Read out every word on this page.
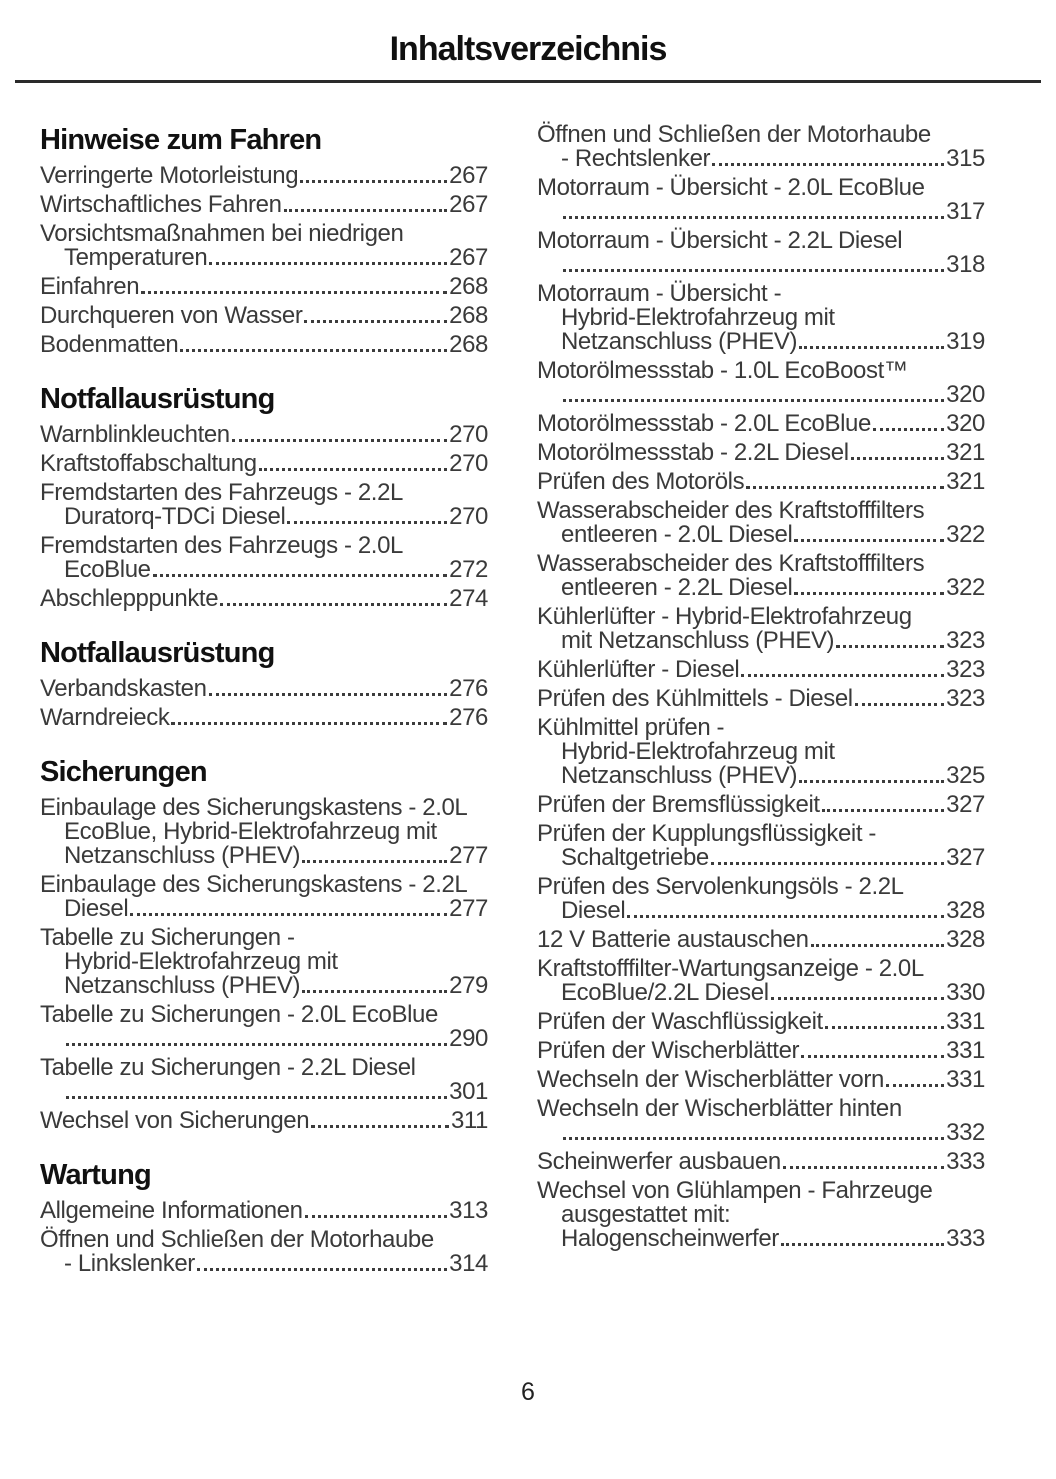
Inhaltsverzeichnis
Hinweise zum Fahren
Verringerte Motorleistung	267
Wirtschaftliches Fahren	267
Vorsichtsmaßnahmen bei niedrigen
Temperaturen	267
Einfahren	268
Durchqueren von Wasser	268
Bodenmatten	268
Notfallausrüstung
Warnblinkleuchten	270
Kraftstoffabschaltung	270
Fremdstarten des Fahrzeugs - 2.2L
Duratorq-TDCi Diesel	270
Fremdstarten des Fahrzeugs - 2.0L
EcoBlue	272
Abschlepppunkte	274
Notfallausrüstung
Verbandskasten	276
Warndreieck	276
Sicherungen
Einbaulage des Sicherungskastens - 2.0L
EcoBlue, Hybrid-Elektrofahrzeug mit
Netzanschluss (PHEV)	277
Einbaulage des Sicherungskastens - 2.2L
Diesel	277
Tabelle zu Sicherungen -
Hybrid-Elektrofahrzeug mit
Netzanschluss (PHEV)	279
Tabelle zu Sicherungen - 2.0L EcoBlue
290
Tabelle zu Sicherungen - 2.2L Diesel
301
Wechsel von Sicherungen	311
Wartung
Allgemeine Informationen	313
Öffnen und Schließen der Motorhaube
- Linkslenker	314
Öffnen und Schließen der Motorhaube
- Rechtslenker	315
Motorraum - Übersicht - 2.0L EcoBlue
317
Motorraum - Übersicht - 2.2L Diesel
318
Motorraum - Übersicht -
Hybrid-Elektrofahrzeug mit
Netzanschluss (PHEV)	319
Motorölmessstab - 1.0L EcoBoost™
320
Motorölmessstab - 2.0L EcoBlue	320
Motorölmessstab - 2.2L Diesel	321
Prüfen des Motoröls	321
Wasserabscheider des Kraftstofffilters
entleeren - 2.0L Diesel	322
Wasserabscheider des Kraftstofffilters
entleeren - 2.2L Diesel	322
Kühlerlüfter - Hybrid-Elektrofahrzeug
mit Netzanschluss (PHEV)	323
Kühlerlüfter - Diesel	323
Prüfen des Kühlmittels - Diesel	323
Kühlmittel prüfen -
Hybrid-Elektrofahrzeug mit
Netzanschluss (PHEV)	325
Prüfen der Bremsflüssigkeit	327
Prüfen der Kupplungsflüssigkeit -
Schaltgetriebe	327
Prüfen des Servolenkungsöls - 2.2L
Diesel	328
12 V Batterie austauschen	328
Kraftstofffilter-Wartungsanzeige - 2.0L
EcoBlue/2.2L Diesel	330
Prüfen der Waschflüssigkeit	331
Prüfen der Wischerblätter	331
Wechseln der Wischerblätter vorn	331
Wechseln der Wischerblätter hinten
332
Scheinwerfer ausbauen	333
Wechsel von Glühlampen - Fahrzeuge
ausgestattet mit:
Halogenscheinwerfer	333
6
